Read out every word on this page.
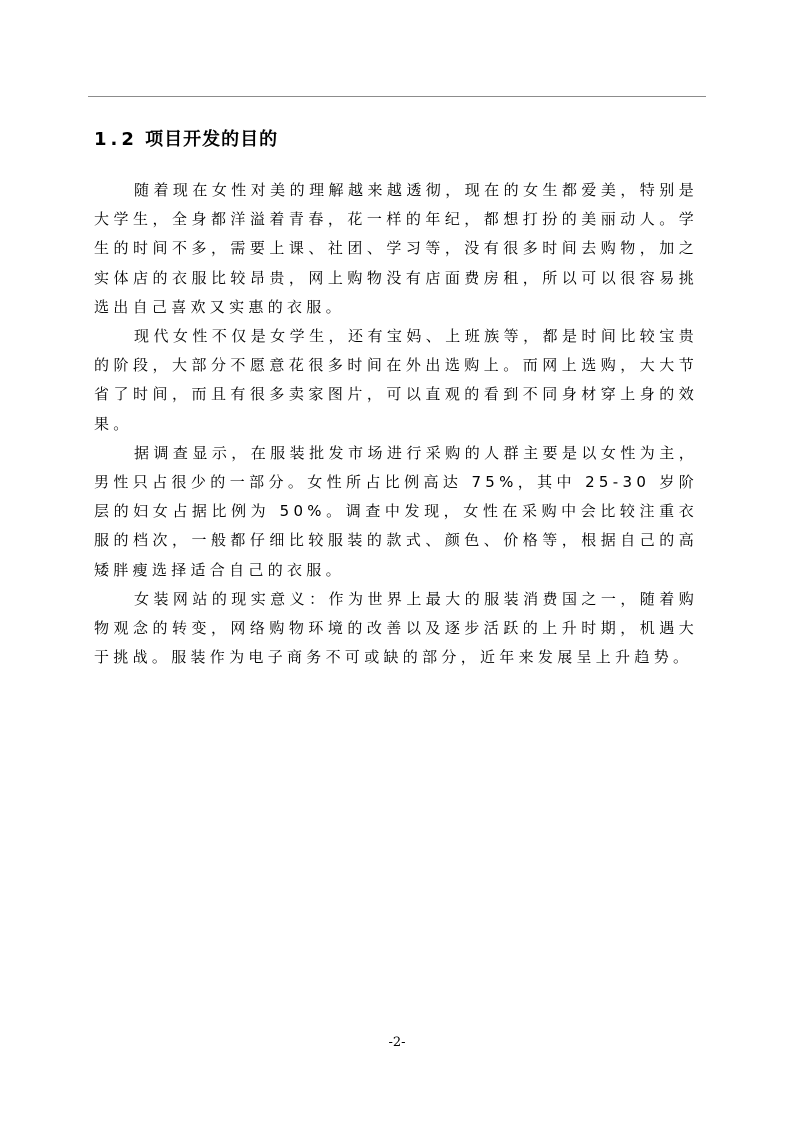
1.2 项目开发的目的

随着现在女性对美的理解越来越透彻，现在的女生都爱美，特别是大学生，全身都洋溢着青春，花一样的年纪，都想打扮的美丽动人。学生的时间不多，需要上课、社团、学习等，没有很多时间去购物，加之实体店的衣服比较昂贵，网上购物没有店面费房租，所以可以很容易挑选出自己喜欢又实惠的衣服。

现代女性不仅是女学生，还有宝妈、上班族等，都是时间比较宝贵的阶段，大部分不愿意花很多时间在外出选购上。而网上选购，大大节省了时间，而且有很多卖家图片，可以直观的看到不同身材穿上身的效果。

据调查显示，在服装批发市场进行采购的人群主要是以女性为主，男性只占很少的一部分。女性所占比例高达 75%，其中 25-30 岁阶层的妇女占据比例为 50%。调查中发现，女性在采购中会比较注重衣服的档次，一般都仔细比较服装的款式、颜色、价格等，根据自己的高矮胖瘦选择适合自己的衣服。

女装网站的现实意义：作为世界上最大的服装消费国之一，随着购物观念的转变，网络购物环境的改善以及逐步活跃的上升时期，机遇大于挑战。服装作为电子商务不可或缺的部分，近年来发展呈上升趋势。

-2-
